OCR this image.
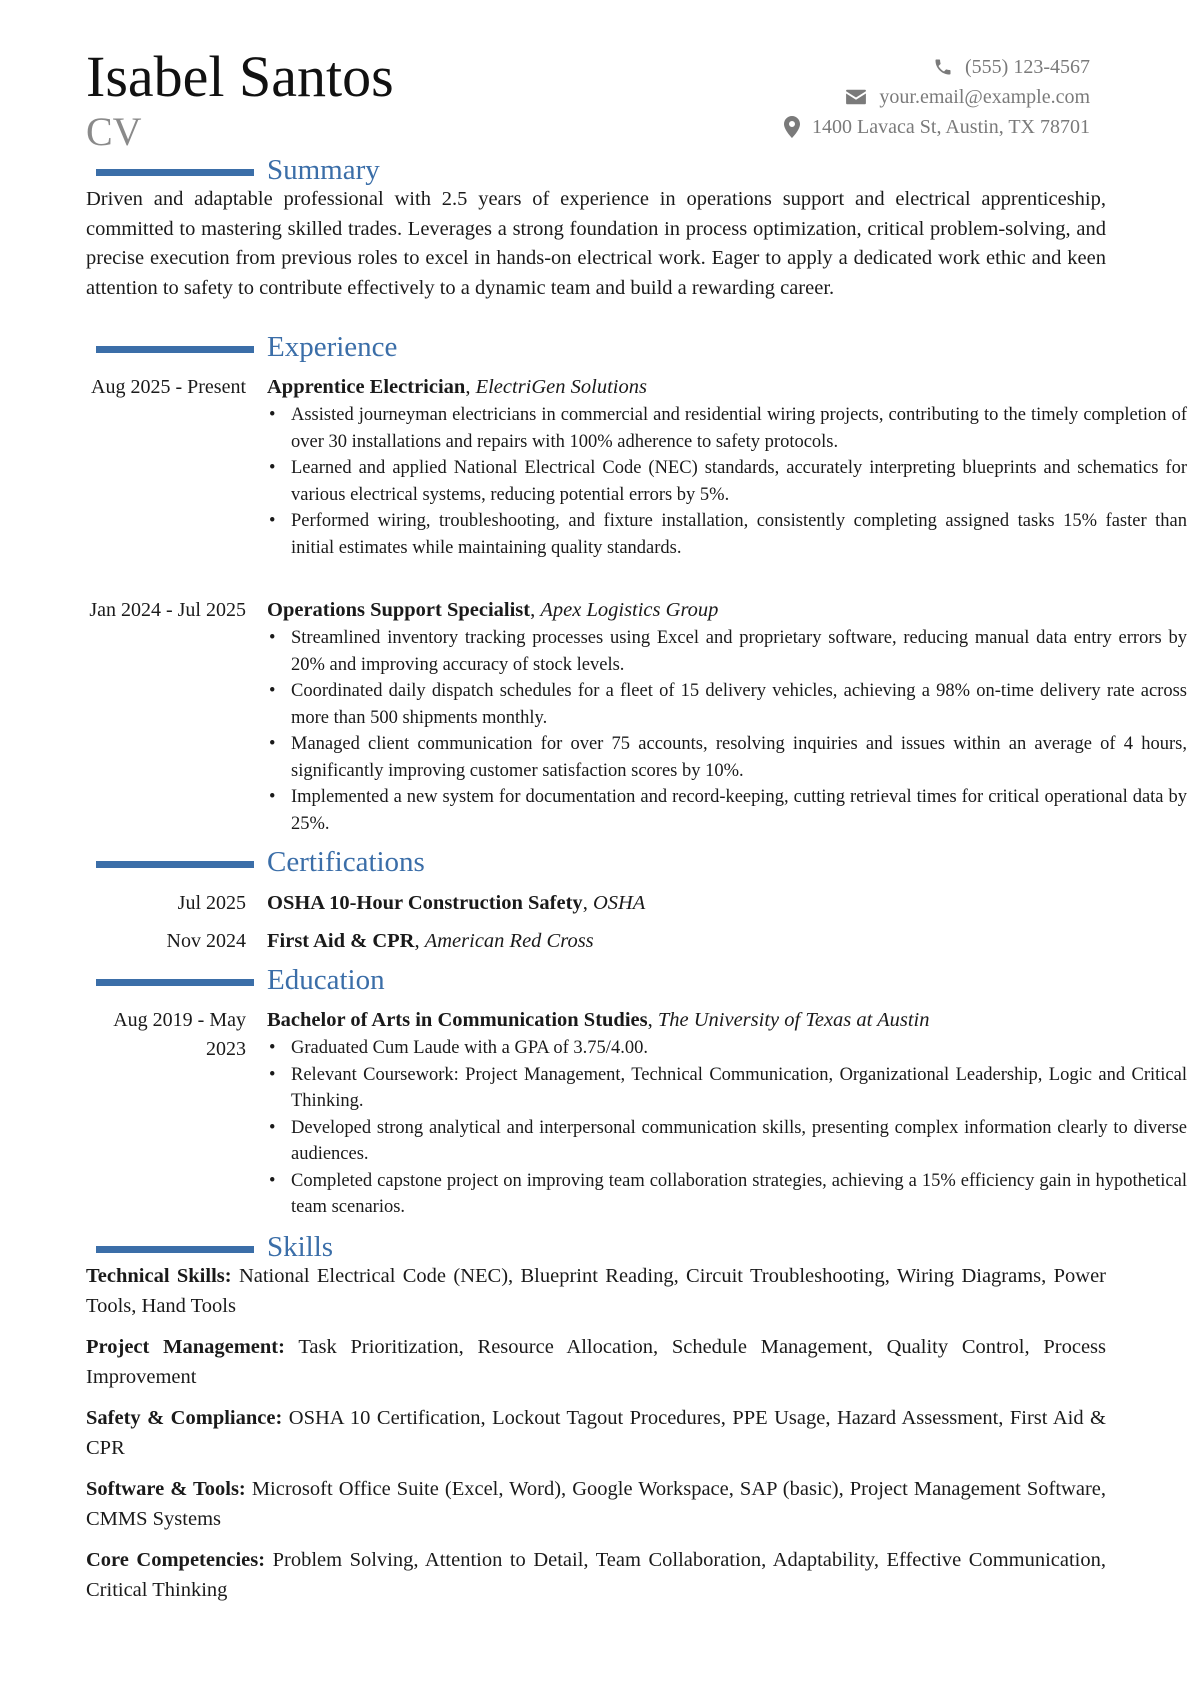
Isabel Santos
CV
(555) 123-4567
your.email@example.com
1400 Lavaca St, Austin, TX 78701
Summary
Driven and adaptable professional with 2.5 years of experience in operations support and electrical apprenticeship, committed to mastering skilled trades. Leverages a strong foundation in process optimization, critical problem-solving, and precise execution from previous roles to excel in hands-on electrical work. Eager to apply a dedicated work ethic and keen attention to safety to contribute effectively to a dynamic team and build a rewarding career.
Experience
Aug 2025 - Present Apprentice Electrician, ElectriGen Solutions
• Assisted journeyman electricians in commercial and residential wiring projects, contributing to the timely completion of over 30 installations and repairs with 100% adherence to safety protocols.
• Learned and applied National Electrical Code (NEC) standards, accurately interpreting blueprints and schematics for various electrical systems, reducing potential errors by 5%.
• Performed wiring, troubleshooting, and fixture installation, consistently completing assigned tasks 15% faster than initial estimates while maintaining quality standards.
Jan 2024 - Jul 2025 Operations Support Specialist, Apex Logistics Group
• Streamlined inventory tracking processes using Excel and proprietary software, reducing manual data entry errors by 20% and improving accuracy of stock levels.
• Coordinated daily dispatch schedules for a fleet of 15 delivery vehicles, achieving a 98% on-time delivery rate across more than 500 shipments monthly.
• Managed client communication for over 75 accounts, resolving inquiries and issues within an average of 4 hours, significantly improving customer satisfaction scores by 10%.
• Implemented a new system for documentation and record-keeping, cutting retrieval times for critical operational data by 25%.
Certifications
Jul 2025 OSHA 10-Hour Construction Safety, OSHA
Nov 2024 First Aid & CPR, American Red Cross
Education
Aug 2019 - May 2023
Bachelor of Arts in Communication Studies, The University of Texas at Austin
• Graduated Cum Laude with a GPA of 3.75/4.00.
• Relevant Coursework: Project Management, Technical Communication, Organizational Leadership, Logic and Critical Thinking.
• Developed strong analytical and interpersonal communication skills, presenting complex information clearly to diverse audiences.
• Completed capstone project on improving team collaboration strategies, achieving a 15% efficiency gain in hypothetical team scenarios.
Skills
Technical Skills: National Electrical Code (NEC), Blueprint Reading, Circuit Troubleshooting, Wiring Diagrams, Power Tools, Hand Tools
Project Management: Task Prioritization, Resource Allocation, Schedule Management, Quality Control, Process Improvement
Safety & Compliance: OSHA 10 Certification, Lockout Tagout Procedures, PPE Usage, Hazard Assessment, First Aid & CPR
Software & Tools: Microsoft Office Suite (Excel, Word), Google Workspace, SAP (basic), Project Management Software, CMMS Systems
Core Competencies: Problem Solving, Attention to Detail, Team Collaboration, Adaptability, Effective Communication, Critical Thinking
